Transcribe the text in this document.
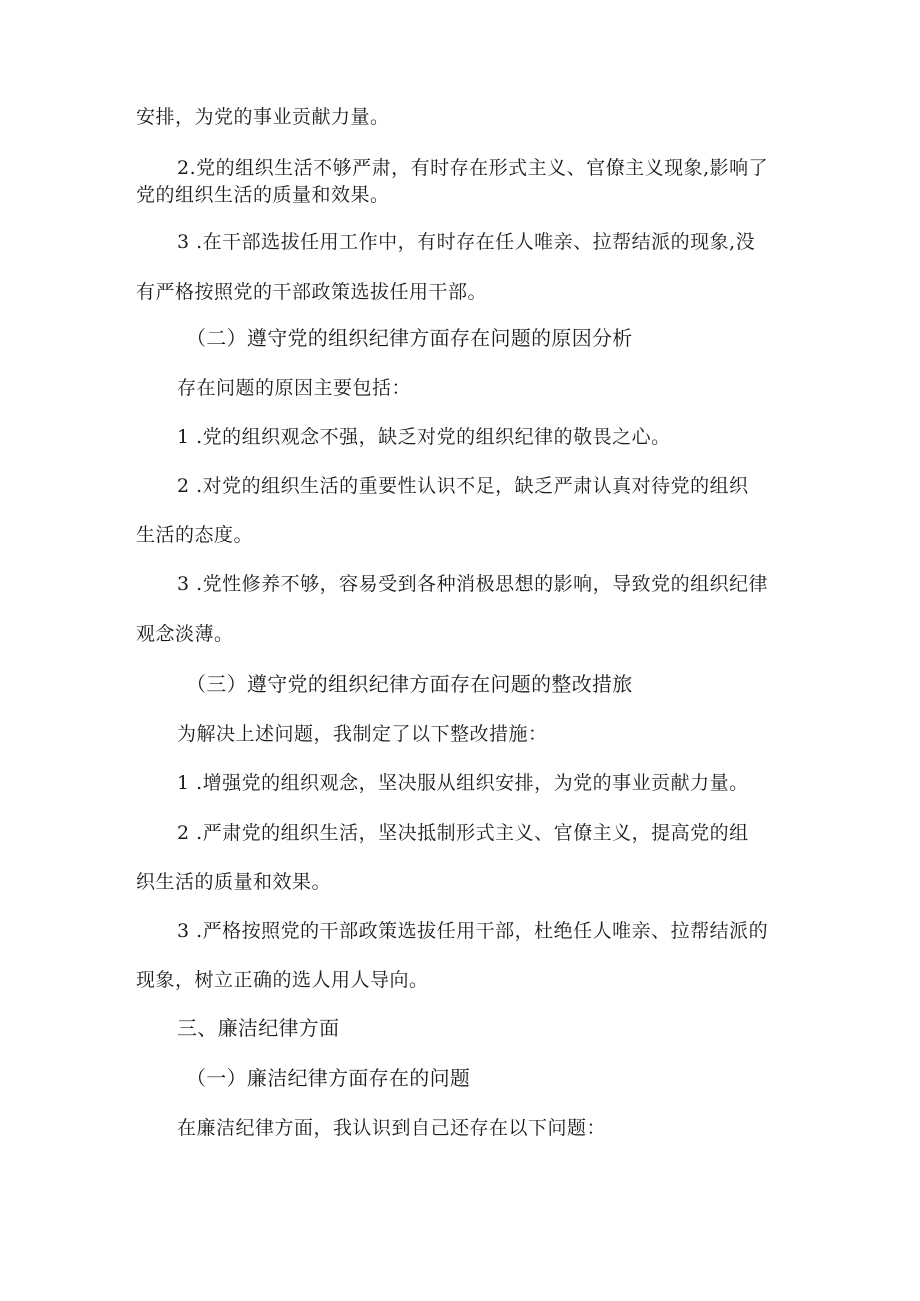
安排，为党的事业贡献力量。
2.党的组织生活不够严肃，有时存在形式主义、官僚主义现象,影响了
党的组织生活的质量和效果。
3 .在干部选拔任用工作中，有时存在任人唯亲、拉帮结派的现象,没
有严格按照党的干部政策选拔任用干部。
（二）遵守党的组织纪律方面存在问题的原因分析
存在问题的原因主要包括：
1 .党的组织观念不强，缺乏对党的组织纪律的敬畏之心。
2 .对党的组织生活的重要性认识不足，缺乏严肃认真对待党的组织
生活的态度。
3 .党性修养不够，容易受到各种消极思想的影响，导致党的组织纪律
观念淡薄。
（三）遵守党的组织纪律方面存在问题的整改措旅
为解决上述问题，我制定了以下整改措施：
1 .增强党的组织观念，坚决服从组织安排，为党的事业贡献力量。
2 .严肃党的组织生活，坚决抵制形式主义、官僚主义，提高党的组
织生活的质量和效果。
3 .严格按照党的干部政策选拔任用干部，杜绝任人唯亲、拉帮结派的
现象，树立正确的选人用人导向。
三、廉洁纪律方面
（一）廉洁纪律方面存在的问题
在廉洁纪律方面，我认识到自己还存在以下问题：
